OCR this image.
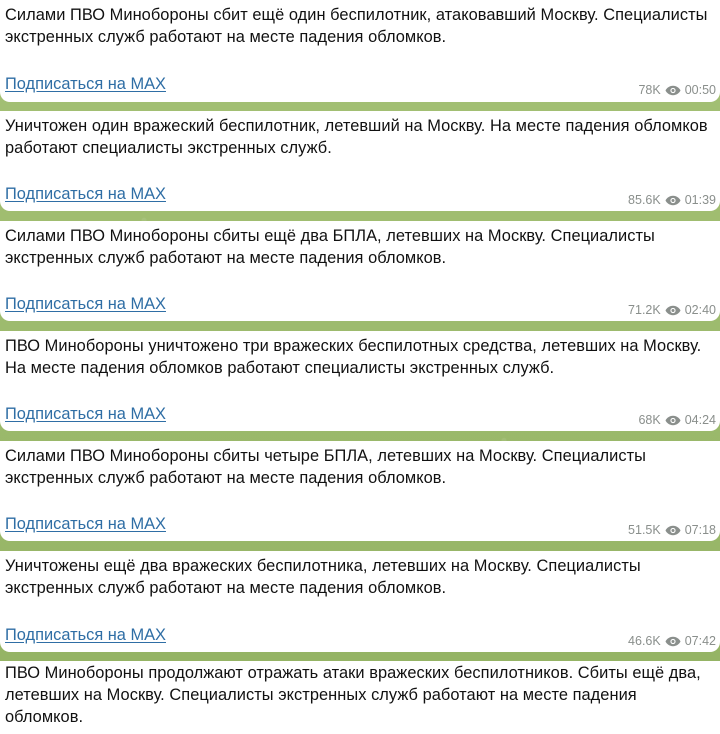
Силами ПВО Минобороны сбит ещё один беспилотник, атаковавший Москву. Специалисты экстренных служб работают на месте падения обломков.
Подписаться на MAX	78K 00:50
Уничтожен один вражеский беспилотник, летевший на Москву. На месте падения обломков работают специалисты экстренных служб.
Подписаться на MAX	85.6K 01:39
Силами ПВО Минобороны сбиты ещё два БПЛА, летевших на Москву. Специалисты экстренных служб работают на месте падения обломков.
Подписаться на MAX	71.2K 02:40
ПВО Минобороны уничтожено три вражеских беспилотных средства, летевших на Москву. На месте падения обломков работают специалисты экстренных служб.
Подписаться на MAX	68K 04:24
Силами ПВО Минобороны сбиты четыре БПЛА, летевших на Москву. Специалисты экстренных служб работают на месте падения обломков.
Подписаться на MAX	51.5K 07:18
Уничтожены ещё два вражеских беспилотника, летевших на Москву. Специалисты экстренных служб работают на месте падения обломков.
Подписаться на MAX	46.6K 07:42
ПВО Минобороны продолжают отражать атаки вражеских беспилотников. Сбиты ещё два, летевших на Москву. Специалисты экстренных служб работают на месте падения обломков.
